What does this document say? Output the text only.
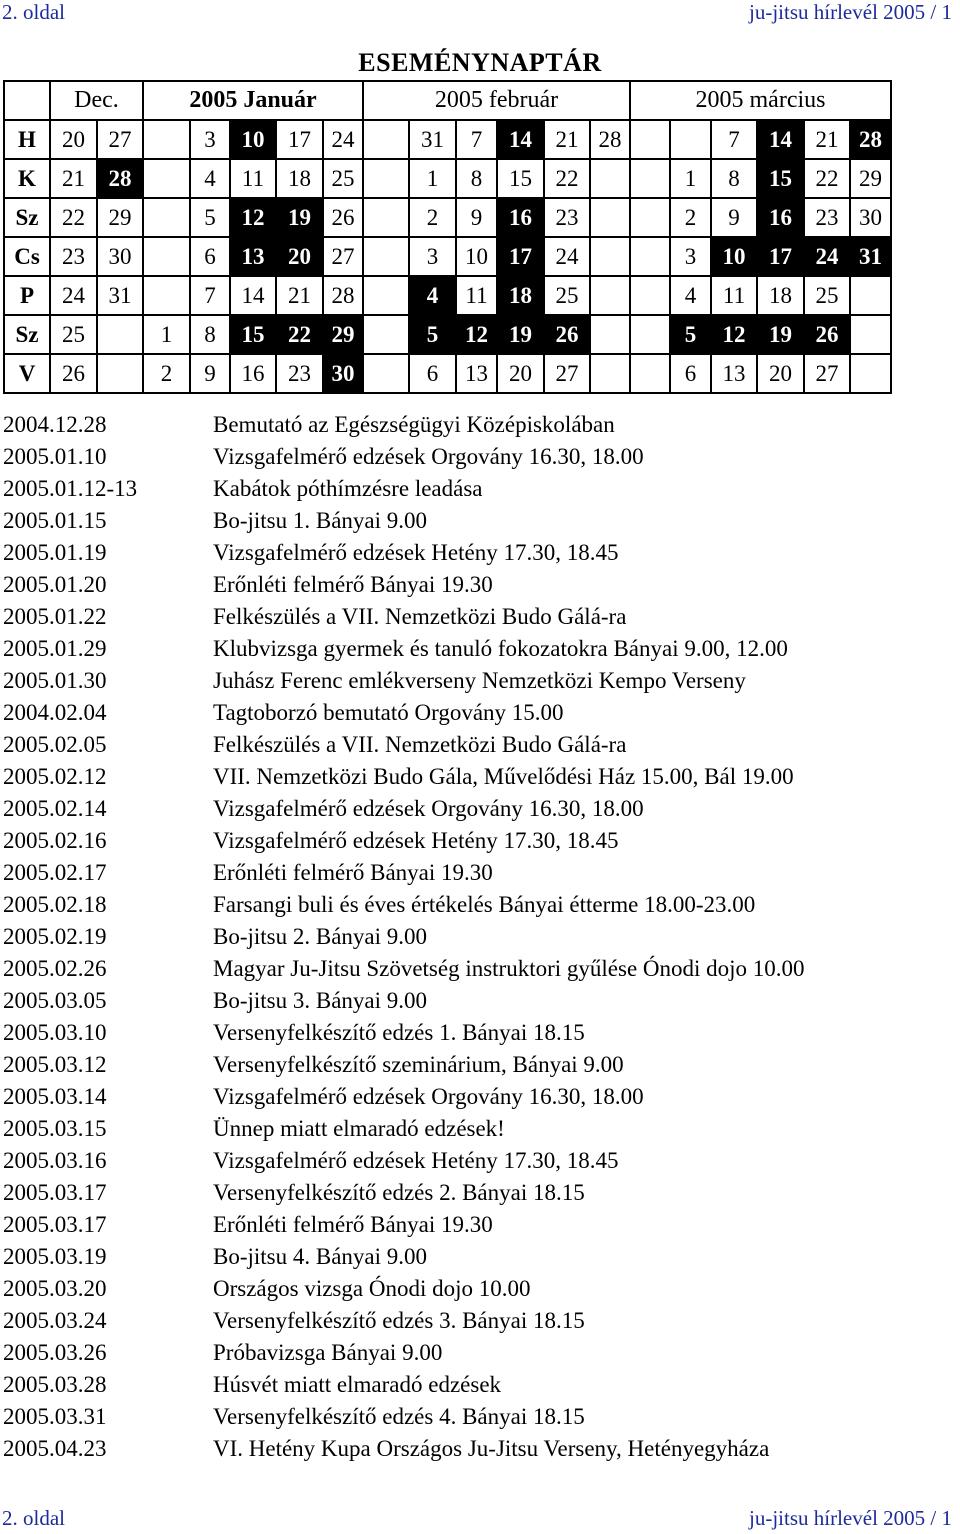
2. oldal	ju-jitsu hírlevél 2005 / 1
ESEMÉNYNAPTÁR
	Dec.		2005 Január					2005 február						2005 március					
H	20	27		3	10	17	24		31	7	14	21	28			7	14	21	28
K	21	28		4	11	18	25		1	8	15	22			1	8	15	22	29
Sz	22	29		5	12	19	26		2	9	16	23			2	9	16	23	30
Cs	23	30		6	13	20	27		3	10	17	24			3	10	17	24	31
P	24	31		7	14	21	28		4	11	18	25			4	11	18	25	
Sz	25		1	8	15	22	29		5	12	19	26			5	12	19	26	
V	26		2	9	16	23	30		6	13	20	27			6	13	20	27	
2004.12.28	Bemutató az Egészségügyi Középiskolában
2005.01.10	Vizsgafelmérő edzések Orgovány 16.30, 18.00
2005.01.12-13	Kabátok póthímzésre leadása
2005.01.15	Bo-jitsu 1. Bányai 9.00
2005.01.19	Vizsgafelmérő edzések Hetény 17.30, 18.45
2005.01.20	Erőnléti felmérő Bányai 19.30
2005.01.22	Felkészülés a VII. Nemzetközi Budo Gálá-ra
2005.01.29	Klubvizsga gyermek és tanuló fokozatokra Bányai 9.00, 12.00
2005.01.30	Juhász Ferenc emlékverseny Nemzetközi Kempo Verseny
2004.02.04	Tagtoborzó bemutató Orgovány 15.00
2005.02.05	Felkészülés a VII. Nemzetközi Budo Gálá-ra
2005.02.12	VII. Nemzetközi Budo Gála, Művelődési Ház 15.00, Bál 19.00
2005.02.14	Vizsgafelmérő edzések Orgovány 16.30, 18.00
2005.02.16	Vizsgafelmérő edzések Hetény 17.30, 18.45
2005.02.17	Erőnléti felmérő Bányai 19.30
2005.02.18	Farsangi buli és éves értékelés Bányai étterme 18.00-23.00
2005.02.19	Bo-jitsu 2. Bányai 9.00
2005.02.26	Magyar Ju-Jitsu Szövetség instruktori gyűlése Ónodi dojo 10.00
2005.03.05	Bo-jitsu 3. Bányai 9.00
2005.03.10	Versenyfelkészítő edzés 1. Bányai 18.15
2005.03.12	Versenyfelkészítő szeminárium, Bányai 9.00
2005.03.14	Vizsgafelmérő edzések Orgovány 16.30, 18.00
2005.03.15	Ünnep miatt elmaradó edzések!
2005.03.16	Vizsgafelmérő edzések Hetény 17.30, 18.45
2005.03.17	Versenyfelkészítő edzés 2. Bányai 18.15
2005.03.17	Erőnléti felmérő Bányai 19.30
2005.03.19	Bo-jitsu 4. Bányai 9.00
2005.03.20	Országos vizsga Ónodi dojo 10.00
2005.03.24	Versenyfelkészítő edzés 3. Bányai 18.15
2005.03.26	Próbavizsga Bányai 9.00
2005.03.28	Húsvét miatt elmaradó edzések
2005.03.31	Versenyfelkészítő edzés 4. Bányai 18.15
2005.04.23	VI. Hetény Kupa Országos Ju-Jitsu Verseny, Hetényegyháza
2. oldal	ju-jitsu hírlevél 2005 / 1
